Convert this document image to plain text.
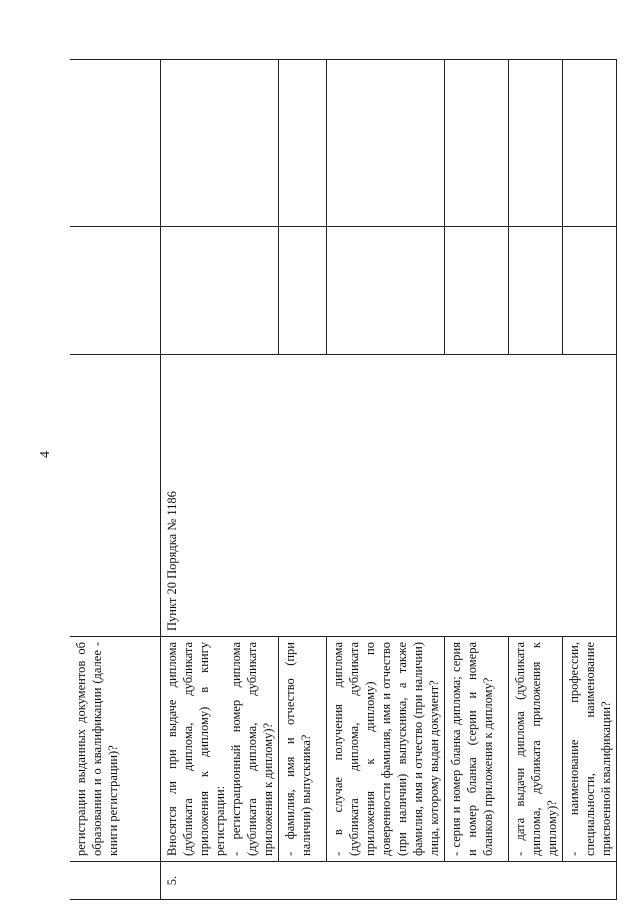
4
	регистрации выданных документов об образовании и о квалификации (далее - книги регистрации)?			
5.	Вносятся ли при выдаче диплома (дубликата диплома, дубликата приложения к диплому) в книгу регистрации: - регистрационный номер диплома (дубликата диплома, дубликата приложения к диплому)?	Пункт 20 Порядка № 1186		
	- фамилия, имя и отчество (при наличии) выпускника?			
	- в случае получения диплома (дубликата диплома, дубликата приложения к диплому) по доверенности фамилия, имя и отчество (при наличии) выпускника, а также фамилия, имя и отчество (при наличии) лица, которому выдан документ?			
	- серия и номер бланка диплома; серия и номер бланка (серии и номера бланков) приложения к диплому?			
	- дата выдачи диплома (дубликата диплома, дубликата приложения к диплому)?			
	- наименование профессии, специальности, наименование присвоенной квалификации?			
